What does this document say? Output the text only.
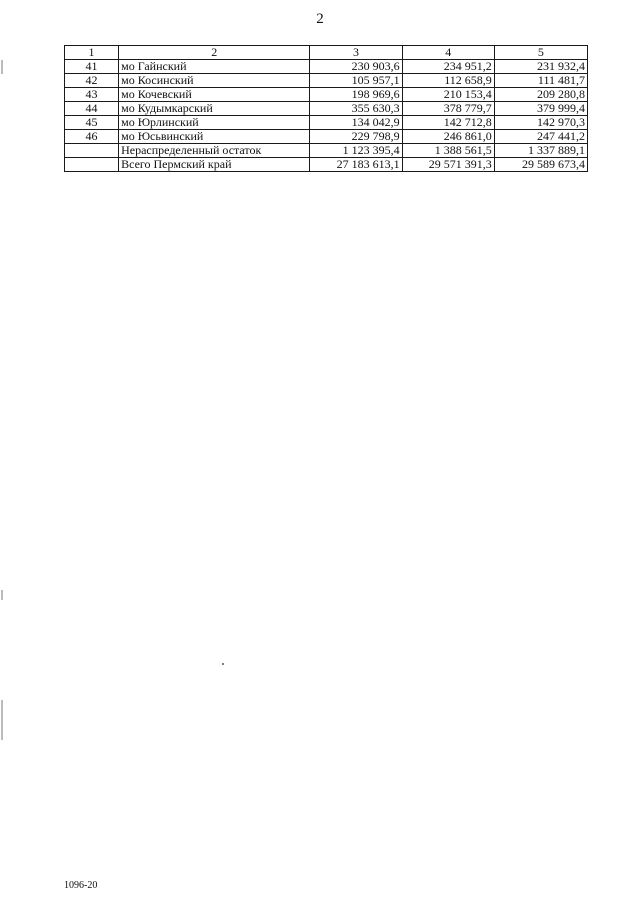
2
1	2	3	4	5
41	мо Гайнский	230 903,6	234 951,2	231 932,4
42	мо Косинский	105 957,1	112 658,9	111 481,7
43	мо Кочевский	198 969,6	210 153,4	209 280,8
44	мо Кудымкарский	355 630,3	378 779,7	379 999,4
45	мо Юрлинский	134 042,9	142 712,8	142 970,3
46	мо Юсьвинский	229 798,9	246 861,0	247 441,2
	Нераспределенный остаток	1 123 395,4	1 388 561,5	1 337 889,1
	Всего Пермский край	27 183 613,1	29 571 391,3	29 589 673,4
1096-20
